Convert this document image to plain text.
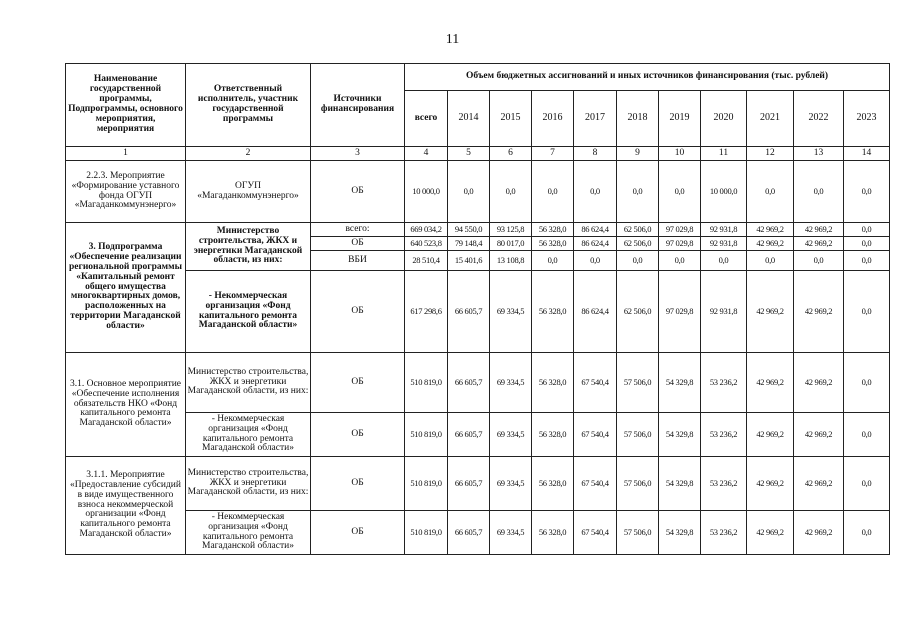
11
Наименование государственной программы, Подпрограммы, основного мероприятия, мероприятия	Ответственный исполнитель, участник государственной программы	Источники финансирования	Объем бюджетных ассигнований и иных источников финансирования (тыс. рублей)										
			всего	2014	2015	2016	2017	2018	2019	2020	2021	2022	2023
1	2	3	4	5	6	7	8	9	10	11	12	13	14
2.2.3. Мероприятие «Формирование уставного фонда ОГУП «Магаданкоммунэнерго»	ОГУП «Магаданкоммунэнерго»	ОБ	10 000,0	0,0	0,0	0,0	0,0	0,0	0,0	10 000,0	0,0	0,0	0,0
3. Подпрограмма «Обеспечение реализации региональной программы «Капитальный ремонт общего имущества многоквартирных домов, расположенных на территории Магаданской области»	Министерство строительства, ЖКХ и энергетики Магаданской области, из них:	всего:	669 034,2	94 550,0	93 125,8	56 328,0	86 624,4	62 506,0	97 029,8	92 931,8	42 969,2	42 969,2	0,0
		ОБ	640 523,8	79 148,4	80 017,0	56 328,0	86 624,4	62 506,0	97 029,8	92 931,8	42 969,2	42 969,2	0,0
		ВБИ	28 510,4	15 401,6	13 108,8	0,0	0,0	0,0	0,0	0,0	0,0	0,0	0,0
	- Некоммерческая организация «Фонд капитального ремонта Магаданской области»	ОБ	617 298,6	66 605,7	69 334,5	56 328,0	86 624,4	62 506,0	97 029,8	92 931,8	42 969,2	42 969,2	0,0
3.1. Основное мероприятие «Обеспечение исполнения обязательств НКО «Фонд капитального ремонта Магаданской области»	Министерство строительства, ЖКХ и энергетики Магаданской области, из них:	ОБ	510 819,0	66 605,7	69 334,5	56 328,0	67 540,4	57 506,0	54 329,8	53 236,2	42 969,2	42 969,2	0,0
	- Некоммерческая организация «Фонд капитального ремонта Магаданской области»	ОБ	510 819,0	66 605,7	69 334,5	56 328,0	67 540,4	57 506,0	54 329,8	53 236,2	42 969,2	42 969,2	0,0
3.1.1. Мероприятие «Предоставление субсидий в виде имущественного взноса некоммерческой организации «Фонд капитального ремонта Магаданской области»	Министерство строительства, ЖКХ и энергетики Магаданской области, из них:	ОБ	510 819,0	66 605,7	69 334,5	56 328,0	67 540,4	57 506,0	54 329,8	53 236,2	42 969,2	42 969,2	0,0
	- Некоммерческая организация «Фонд капитального ремонта Магаданской области»	ОБ	510 819,0	66 605,7	69 334,5	56 328,0	67 540,4	57 506,0	54 329,8	53 236,2	42 969,2	42 969,2	0,0
